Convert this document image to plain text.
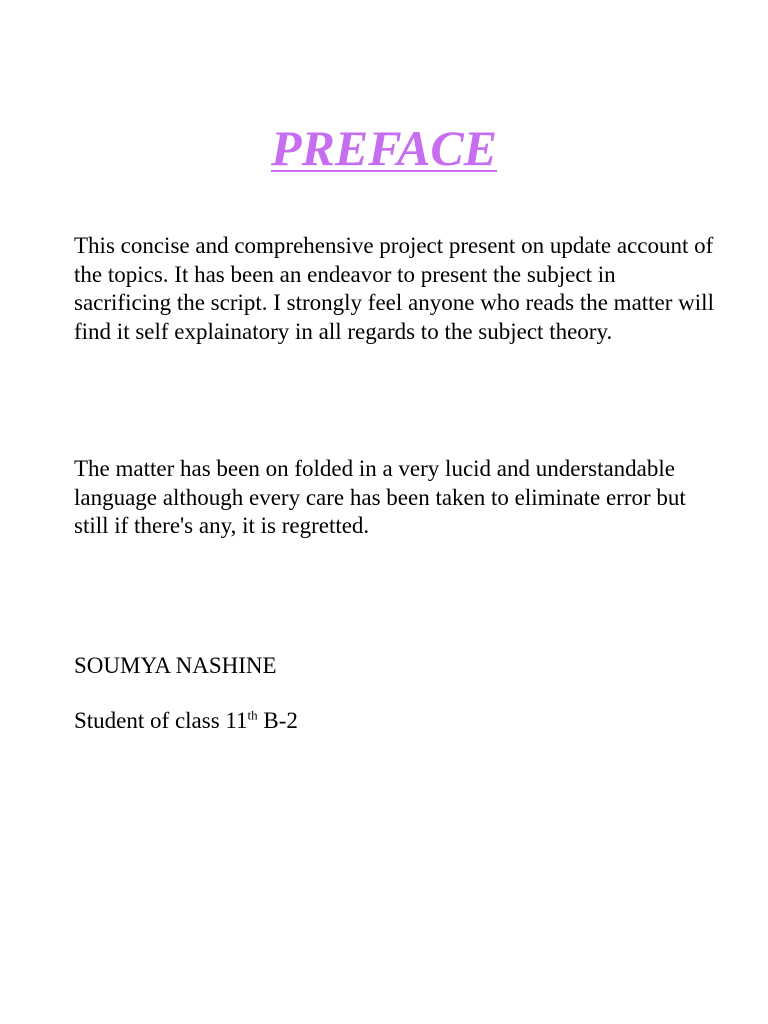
PREFACE

This concise and comprehensive project present on update account of the topics. It has been an endeavor to present the subject in sacrificing the script. I strongly feel anyone who reads the matter will find it self explainatory in all regards to the subject theory.

The matter has been on folded in a very lucid and understandable language although every care has been taken to eliminate error but still if there's any, it is regretted.

SOUMYA NASHINE

Student of class 11th B-2
